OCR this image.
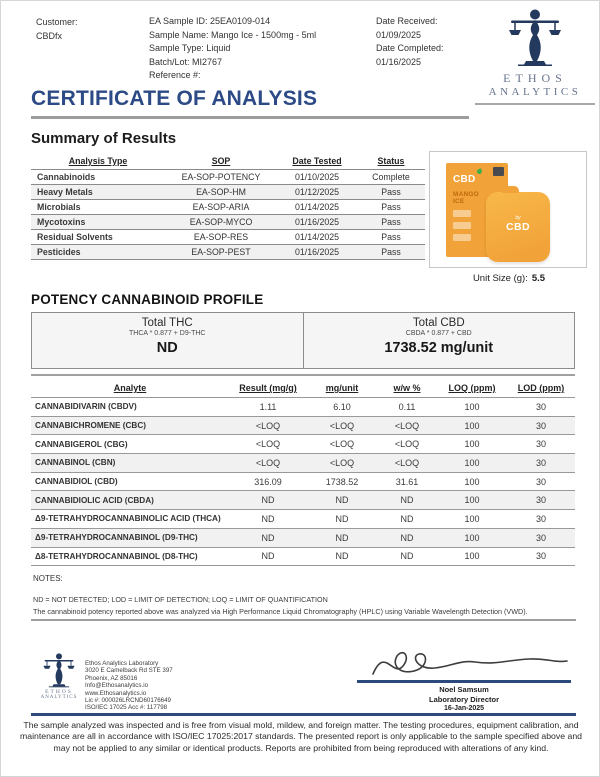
Customer:
CBDfx
EA Sample ID: 25EA0109-014
Sample Name: Mango Ice - 1500mg - 5ml
Sample Type: Liquid
Batch/Lot: MI2767
Reference #:
Date Received:
01/09/2025
Date Completed:
01/16/2025
ETHOS
ANALYTICS
CERTIFICATE OF ANALYSIS
Summary of Results
Analysis Type	SOP	Date Tested	Status
Cannabinoids	EA-SOP-POTENCY	01/10/2025	Complete
Heavy Metals	EA-SOP-HM	01/12/2025	Pass
Microbials	EA-SOP-ARIA	01/14/2025	Pass
Mycotoxins	EA-SOP-MYCO	01/16/2025	Pass
Residual Solvents	EA-SOP-RES	01/14/2025	Pass
Pesticides	EA-SOP-PEST	01/16/2025	Pass
CBD
MANGO ICE
by
CBD
Unit Size (g): 5.5
POTENCY CANNABINOID PROFILE
Total THC
THCA * 0.877 + D9-THC
ND
Total CBD
CBDA * 0.877 + CBD
1738.52 mg/unit
Analyte	Result (mg/g)	mg/unit	w/w %	LOQ (ppm)	LOD (ppm)
CANNABIDIVARIN (CBDV)	1.11	6.10	0.11	100	30
CANNABICHROMENE (CBC)	<LOQ	<LOQ	<LOQ	100	30
CANNABIGEROL (CBG)	<LOQ	<LOQ	<LOQ	100	30
CANNABINOL (CBN)	<LOQ	<LOQ	<LOQ	100	30
CANNABIDIOL (CBD)	316.09	1738.52	31.61	100	30
CANNABIDIOLIC ACID (CBDA)	ND	ND	ND	100	30
Δ9-TETRAHYDROCANNABINOLIC ACID (THCA)	ND	ND	ND	100	30
Δ9-TETRAHYDROCANNABINOL (D9-THC)	ND	ND	ND	100	30
Δ8-TETRAHYDROCANNABINOL (D8-THC)	ND	ND	ND	100	30
NOTES:
ND = NOT DETECTED; LOD = LIMIT OF DETECTION; LOQ = LIMIT OF QUANTIFICATION
The cannabinoid potency reported above was analyzed via High Performance Liquid Chromatography (HPLC) using Variable Wavelength Detection (VWD).
ETHOS
ANALYTICS
Ethos Analytics Laboratory
3020 E Camelback Rd STE 397
Phoenix, AZ 85016
Info@Ethosanalytics.io
www.Ethosanalytics.io
Lic #: 000026LRCND60176649
ISO/IEC 17025 Acc #: 117798
Noel Samsum
Laboratory Director
16-Jan-2025
The sample analyzed was inspected and is free from visual mold, mildew, and foreign matter. The testing procedures, equipment calibration, and maintenance are all in accordance with ISO/IEC 17025:2017 standards. The presented report is only applicable to the sample specified above and may not be applied to any similar or identical products. Reports are prohibited from being reproduced with alterations of any kind.
